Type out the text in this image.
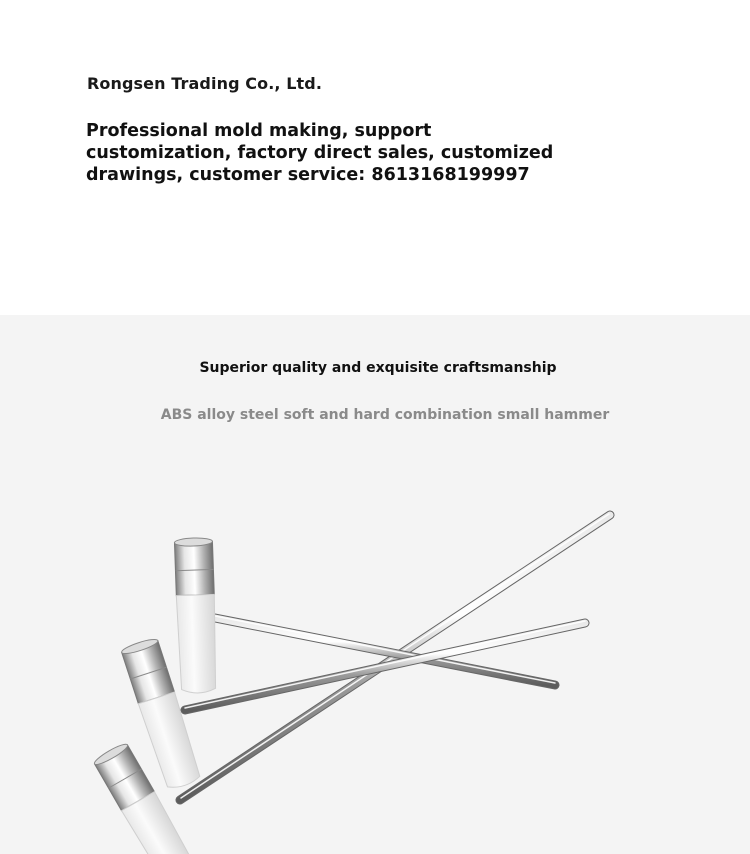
Rongsen Trading Co., Ltd.
Professional mold making, support customization, factory direct sales, customized drawings, customer service: 8613168199997
Superior quality and exquisite craftsmanship
ABS alloy steel soft and hard combination small hammer
